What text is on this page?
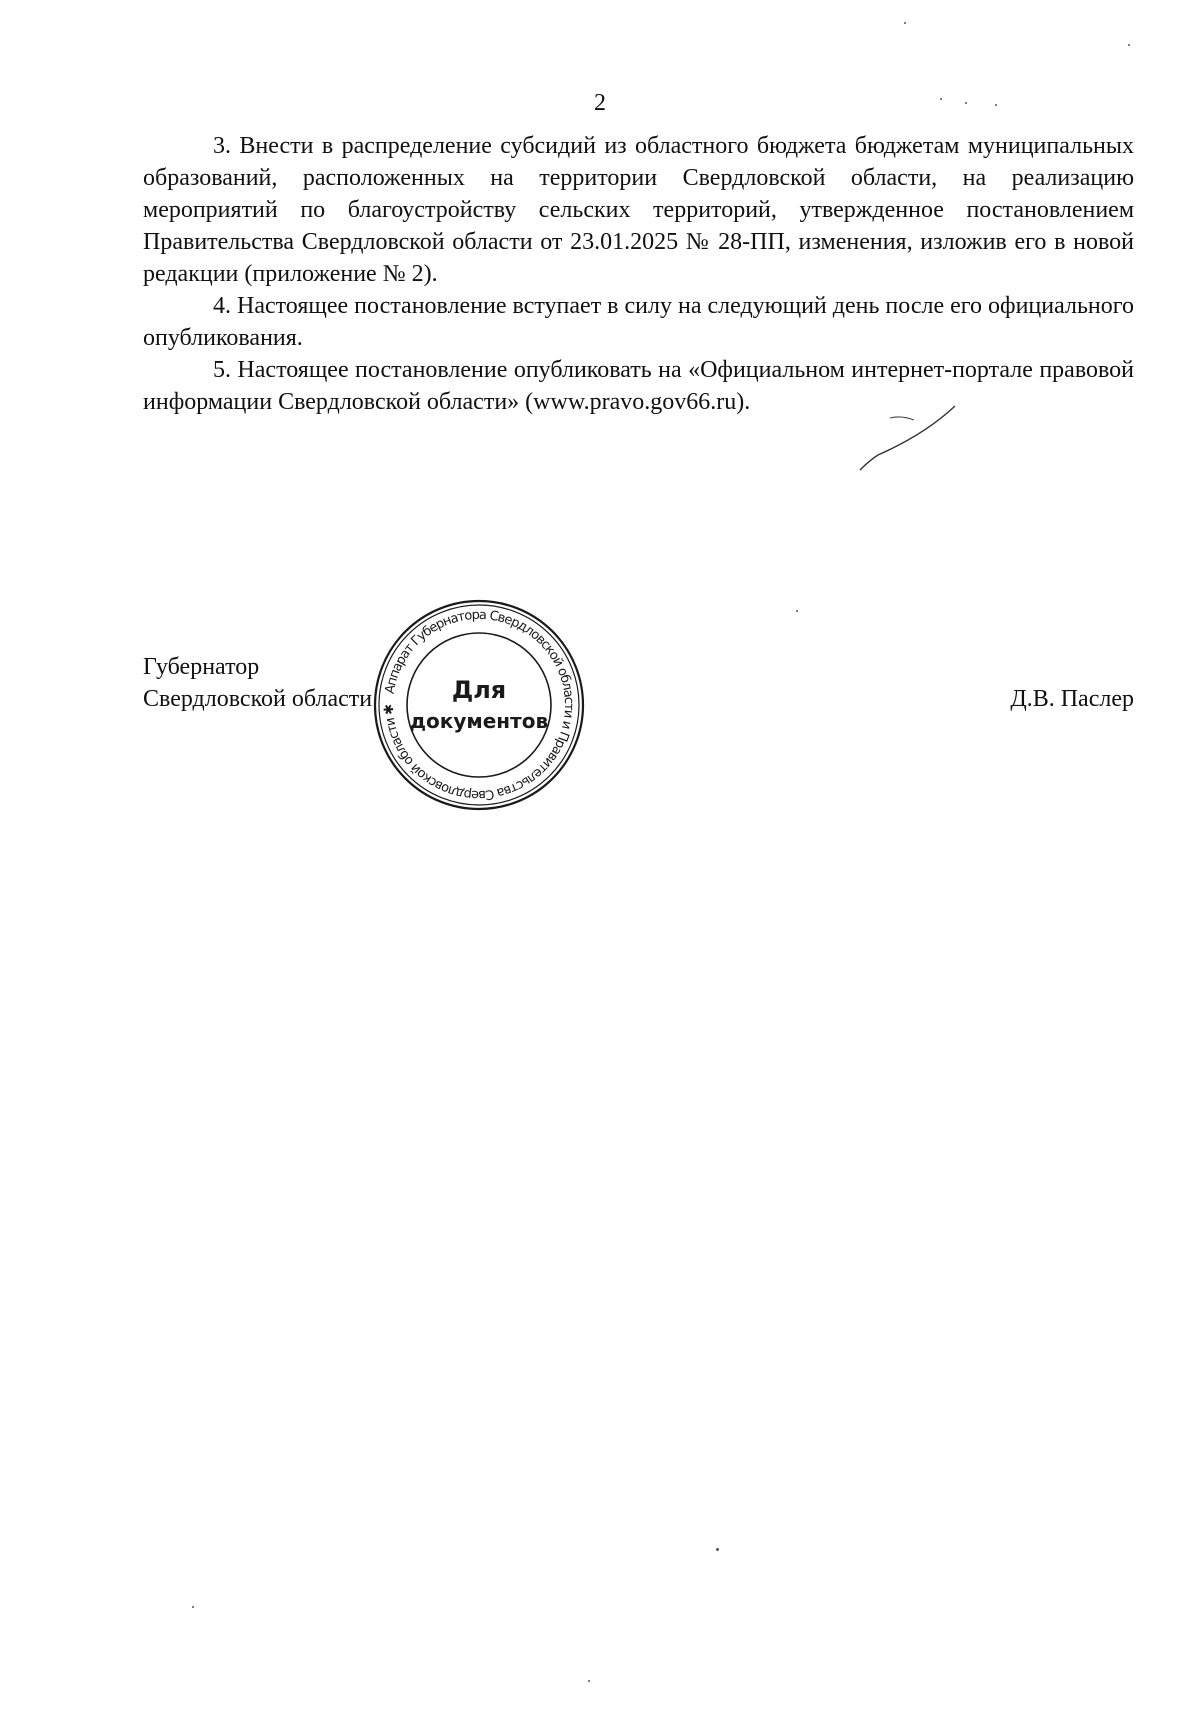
2

3. Внести в распределение субсидий из областного бюджета бюджетам муниципальных образований, расположенных на территории Свердловской области, на реализацию мероприятий по благоустройству сельских территорий, утвержденное постановлением Правительства Свердловской области от 23.01.2025 № 28-ПП, изменения, изложив его в новой редакции (приложение № 2).

4. Настоящее постановление вступает в силу на следующий день после его официального опубликования.

5. Настоящее постановление опубликовать на «Официальном интернет-портале правовой информации Свердловской области» (www.pravo.gov66.ru).

Губернатор
Свердловской области	Д.В. Паслер
Аппарат Губернатора Свердловской области и Правительства Свердловской области ✱
Для
документов
